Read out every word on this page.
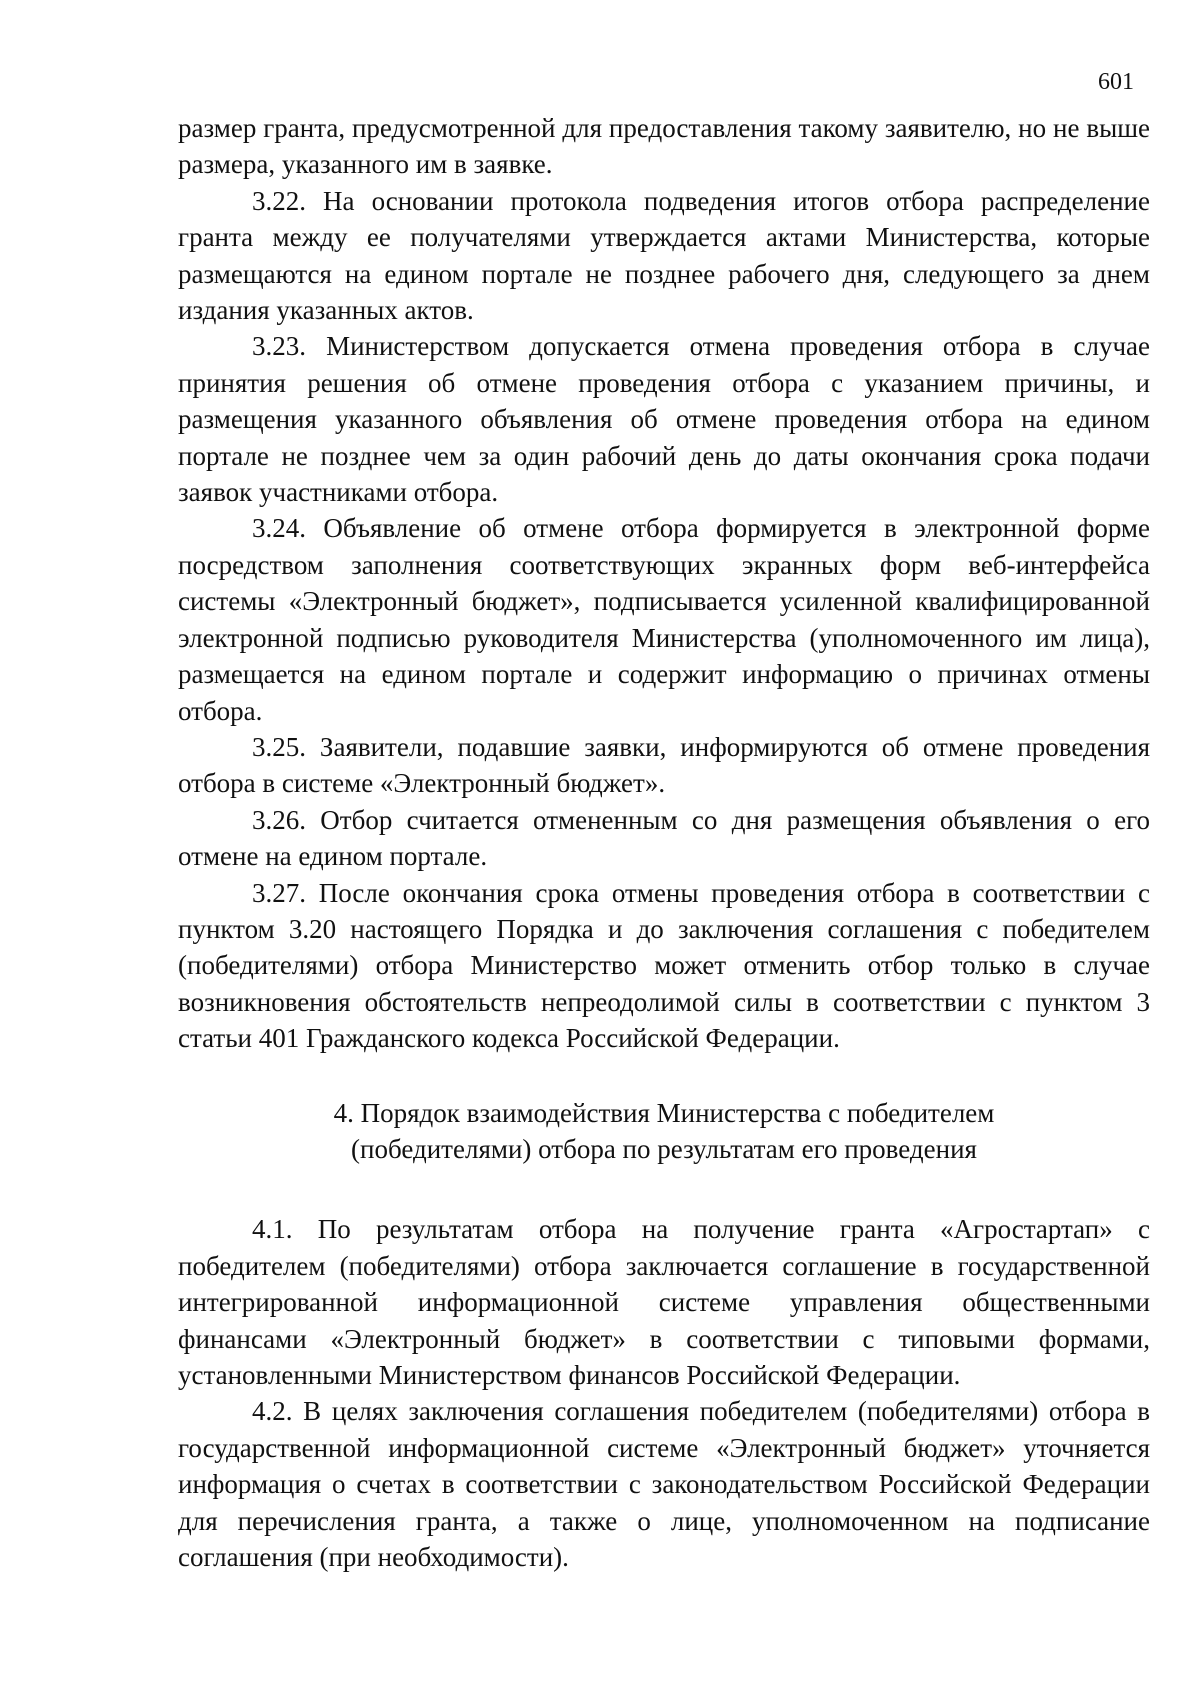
601

размер гранта, предусмотренной для предоставления такому заявителю, но не выше размера, указанного им в заявке.

3.22. На основании протокола подведения итогов отбора распределение гранта между ее получателями утверждается актами Министерства, которые размещаются на едином портале не позднее рабочего дня, следующего за днем издания указанных актов.

3.23. Министерством допускается отмена проведения отбора в случае принятия решения об отмене проведения отбора с указанием причины, и размещения указанного объявления об отмене проведения отбора на едином портале не позднее чем за один рабочий день до даты окончания срока подачи заявок участниками отбора.

3.24. Объявление об отмене отбора формируется в электронной форме посредством заполнения соответствующих экранных форм веб-интерфейса системы «Электронный бюджет», подписывается усиленной квалифицированной электронной подписью руководителя Министерства (уполномоченного им лица), размещается на едином портале и содержит информацию о причинах отмены отбора.

3.25. Заявители, подавшие заявки, информируются об отмене проведения отбора в системе «Электронный бюджет».

3.26. Отбор считается отмененным со дня размещения объявления о его отмене на едином портале.

3.27. После окончания срока отмены проведения отбора в соответствии с пунктом 3.20 настоящего Порядка и до заключения соглашения с победителем (победителями) отбора Министерство может отменить отбор только в случае возникновения обстоятельств непреодолимой силы в соответствии с пунктом 3 статьи 401 Гражданского кодекса Российской Федерации.

4. Порядок взаимодействия Министерства с победителем
(победителями) отбора по результатам его проведения

4.1. По результатам отбора на получение гранта «Агростартап» с победителем (победителями) отбора заключается соглашение в государственной интегрированной информационной системе управления общественными финансами «Электронный бюджет» в соответствии с типовыми формами, установленными Министерством финансов Российской Федерации.

4.2. В целях заключения соглашения победителем (победителями) отбора в государственной информационной системе «Электронный бюджет» уточняется информация о счетах в соответствии с законодательством Российской Федерации для перечисления гранта, а также о лице, уполномоченном на подписание соглашения (при необходимости).
